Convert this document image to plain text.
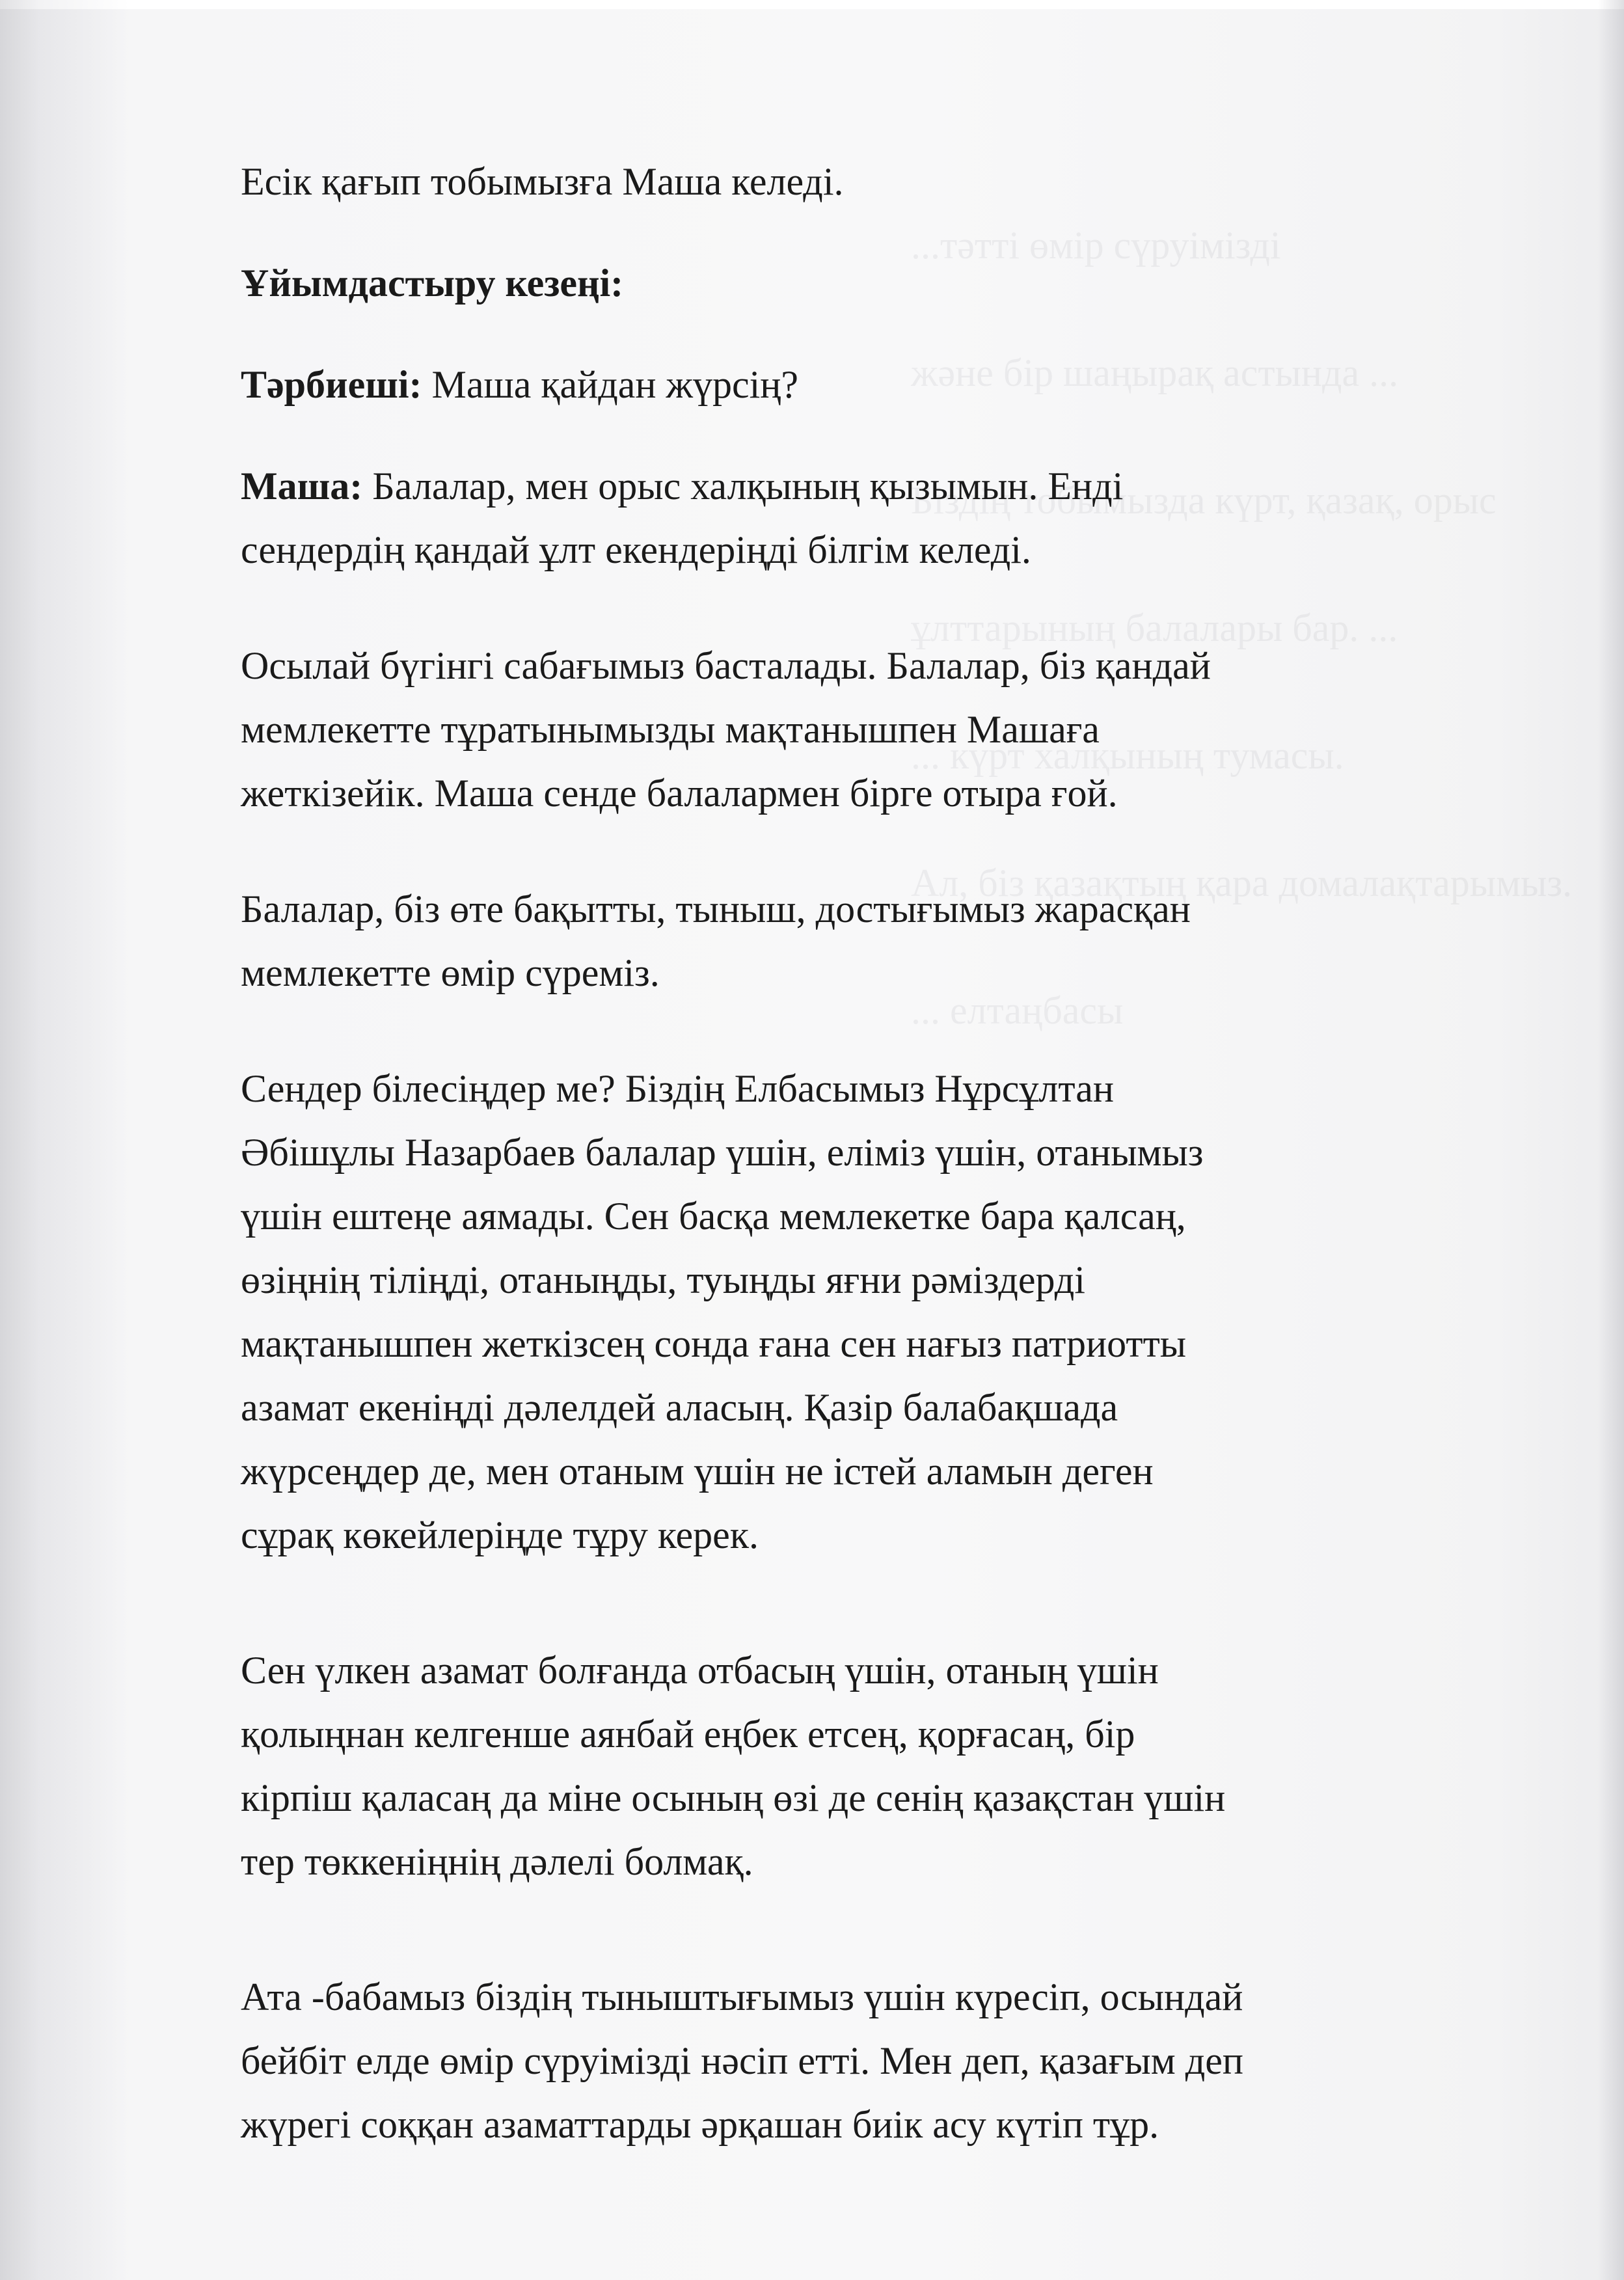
...тәтті өмір сүруімізді

және бір шаңырақ астында ...

Біздің тобымызда күрт, қазақ, орыс

ұлттарының балалары бар. ...

... күрт халқының тумасы.

Ал, біз қазақтың қара домалақтарымыз.

... елтаңбасы

Есік қағып тобымызға Маша келеді.

Ұйымдастыру кезеңі:

Тәрбиеші: Маша қайдан жүрсің?

Маша: Балалар, мен орыс халқының қызымын. Енді
сендердің қандай ұлт екендеріңді білгім келеді.

Осылай бүгінгі сабағымыз басталады. Балалар, біз қандай
мемлекетте тұратынымызды мақтанышпен Машаға
жеткізейік. Маша сенде балалармен бірге отыра ғой.

Балалар, біз өте бақытты, тыныш, достығымыз жарасқан
мемлекетте өмір сүреміз.

Сендер білесіңдер ме? Біздің Елбасымыз Нұрсұлтан
Әбішұлы Назарбаев балалар үшін, еліміз үшін, отанымыз
үшін ештеңе аямады. Сен басқа мемлекетке бара қалсаң,
өзіңнің тіліңді, отаныңды, туыңды яғни рәміздерді
мақтанышпен жеткізсең сонда ғана сен нағыз патриотты
азамат екеніңді дәлелдей аласың. Қазір балабақшада
жүрсеңдер де, мен отаным үшін не істей аламын деген
сұрақ көкейлеріңде тұру керек.

Сен үлкен азамат болғанда отбасың үшін, отаның үшін
қолыңнан келгенше аянбай еңбек етсең, қорғасаң, бір
кірпіш қаласаң да міне осының өзі де сенің қазақстан үшін
тер төккеніңнің дәлелі болмақ.

Ата -бабамыз біздің тыныштығымыз үшін күресіп, осындай
бейбіт елде өмір сүруімізді нәсіп етті. Мен деп, қазағым деп
жүрегі соққан азаматтарды әрқашан биік асу күтіп тұр.
